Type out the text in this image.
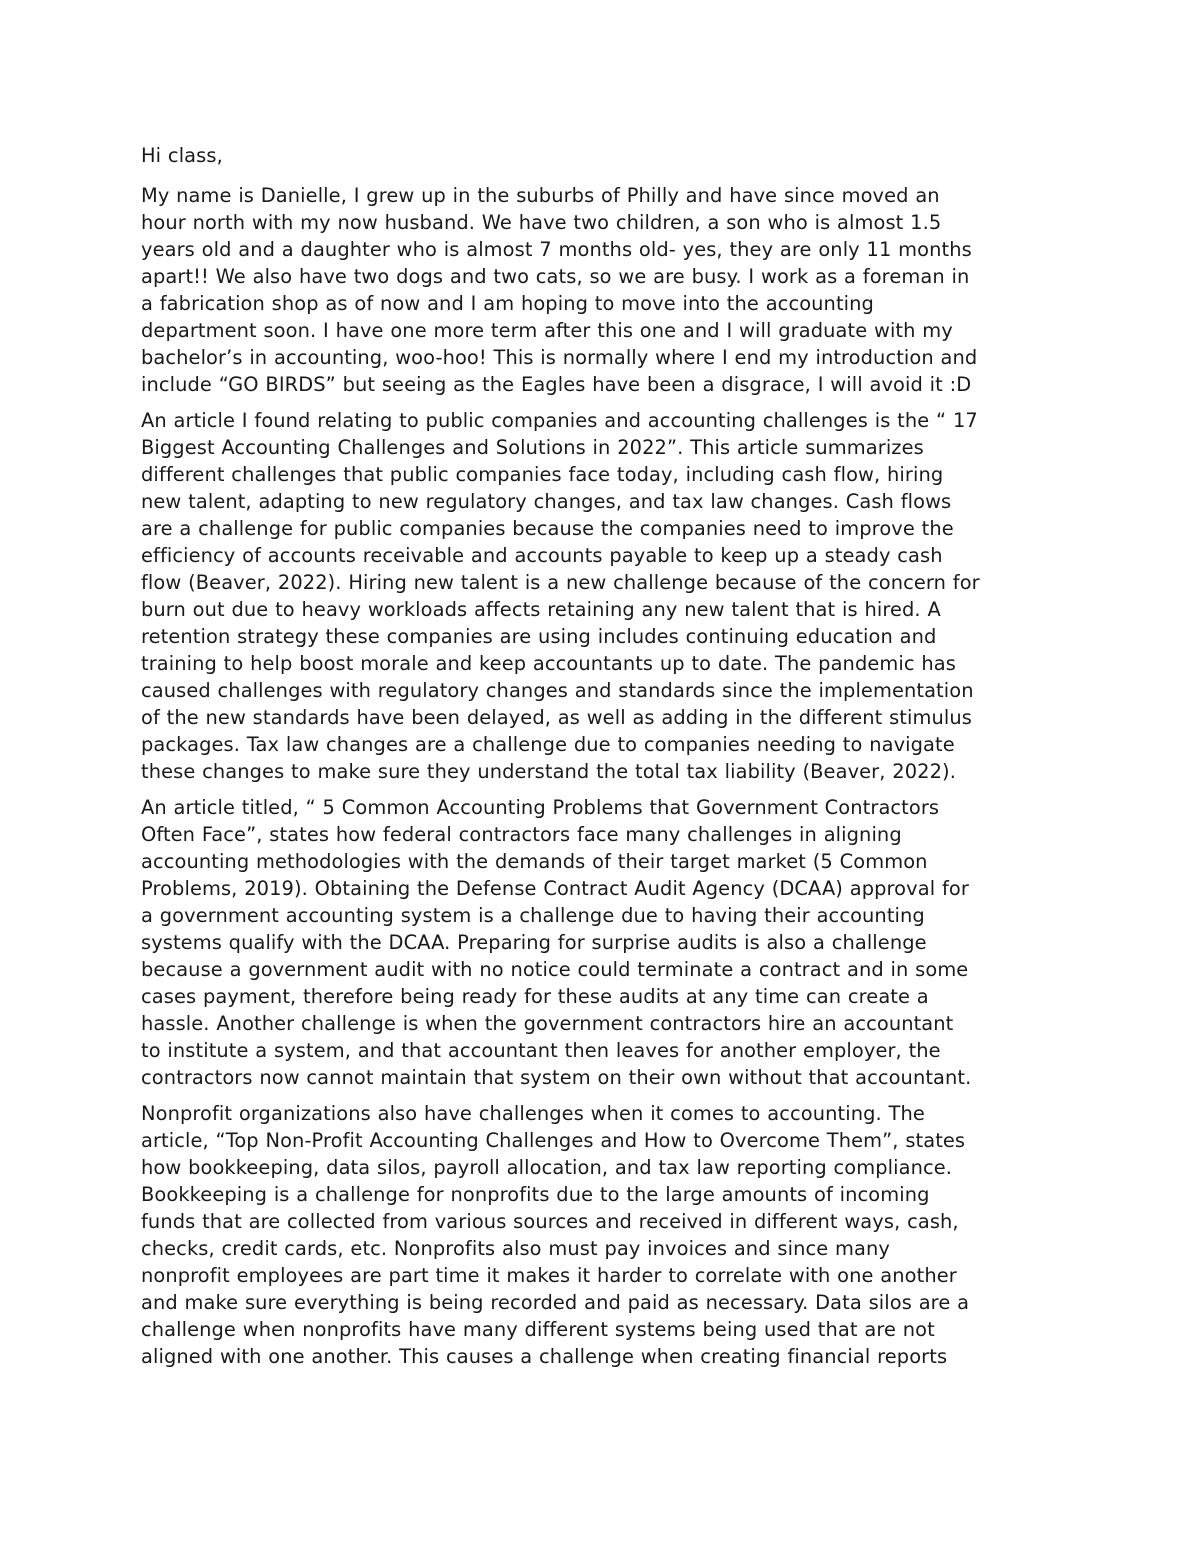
Hi class,
My name is Danielle, I grew up in the suburbs of Philly and have since moved an
hour north with my now husband. We have two children, a son who is almost 1.5
years old and a daughter who is almost 7 months old- yes, they are only 11 months
apart!! We also have two dogs and two cats, so we are busy. I work as a foreman in
a fabrication shop as of now and I am hoping to move into the accounting
department soon. I have one more term after this one and I will graduate with my
bachelor’s in accounting, woo-hoo! This is normally where I end my introduction and
include “GO BIRDS” but seeing as the Eagles have been a disgrace, I will avoid it :D
An article I found relating to public companies and accounting challenges is the “ 17
Biggest Accounting Challenges and Solutions in 2022”. This article summarizes
different challenges that public companies face today, including cash flow, hiring
new talent, adapting to new regulatory changes, and tax law changes. Cash flows
are a challenge for public companies because the companies need to improve the
efficiency of accounts receivable and accounts payable to keep up a steady cash
flow (Beaver, 2022). Hiring new talent is a new challenge because of the concern for
burn out due to heavy workloads affects retaining any new talent that is hired. A
retention strategy these companies are using includes continuing education and
training to help boost morale and keep accountants up to date. The pandemic has
caused challenges with regulatory changes and standards since the implementation
of the new standards have been delayed, as well as adding in the different stimulus
packages. Tax law changes are a challenge due to companies needing to navigate
these changes to make sure they understand the total tax liability (Beaver, 2022).
An article titled, “ 5 Common Accounting Problems that Government Contractors
Often Face”, states how federal contractors face many challenges in aligning
accounting methodologies with the demands of their target market (5 Common
Problems, 2019). Obtaining the Defense Contract Audit Agency (DCAA) approval for
a government accounting system is a challenge due to having their accounting
systems qualify with the DCAA. Preparing for surprise audits is also a challenge
because a government audit with no notice could terminate a contract and in some
cases payment, therefore being ready for these audits at any time can create a
hassle. Another challenge is when the government contractors hire an accountant
to institute a system, and that accountant then leaves for another employer, the
contractors now cannot maintain that system on their own without that accountant.
Nonprofit organizations also have challenges when it comes to accounting. The
article, “Top Non-Profit Accounting Challenges and How to Overcome Them”, states
how bookkeeping, data silos, payroll allocation, and tax law reporting compliance.
Bookkeeping is a challenge for nonprofits due to the large amounts of incoming
funds that are collected from various sources and received in different ways, cash,
checks, credit cards, etc. Nonprofits also must pay invoices and since many
nonprofit employees are part time it makes it harder to correlate with one another
and make sure everything is being recorded and paid as necessary. Data silos are a
challenge when nonprofits have many different systems being used that are not
aligned with one another. This causes a challenge when creating financial reports
